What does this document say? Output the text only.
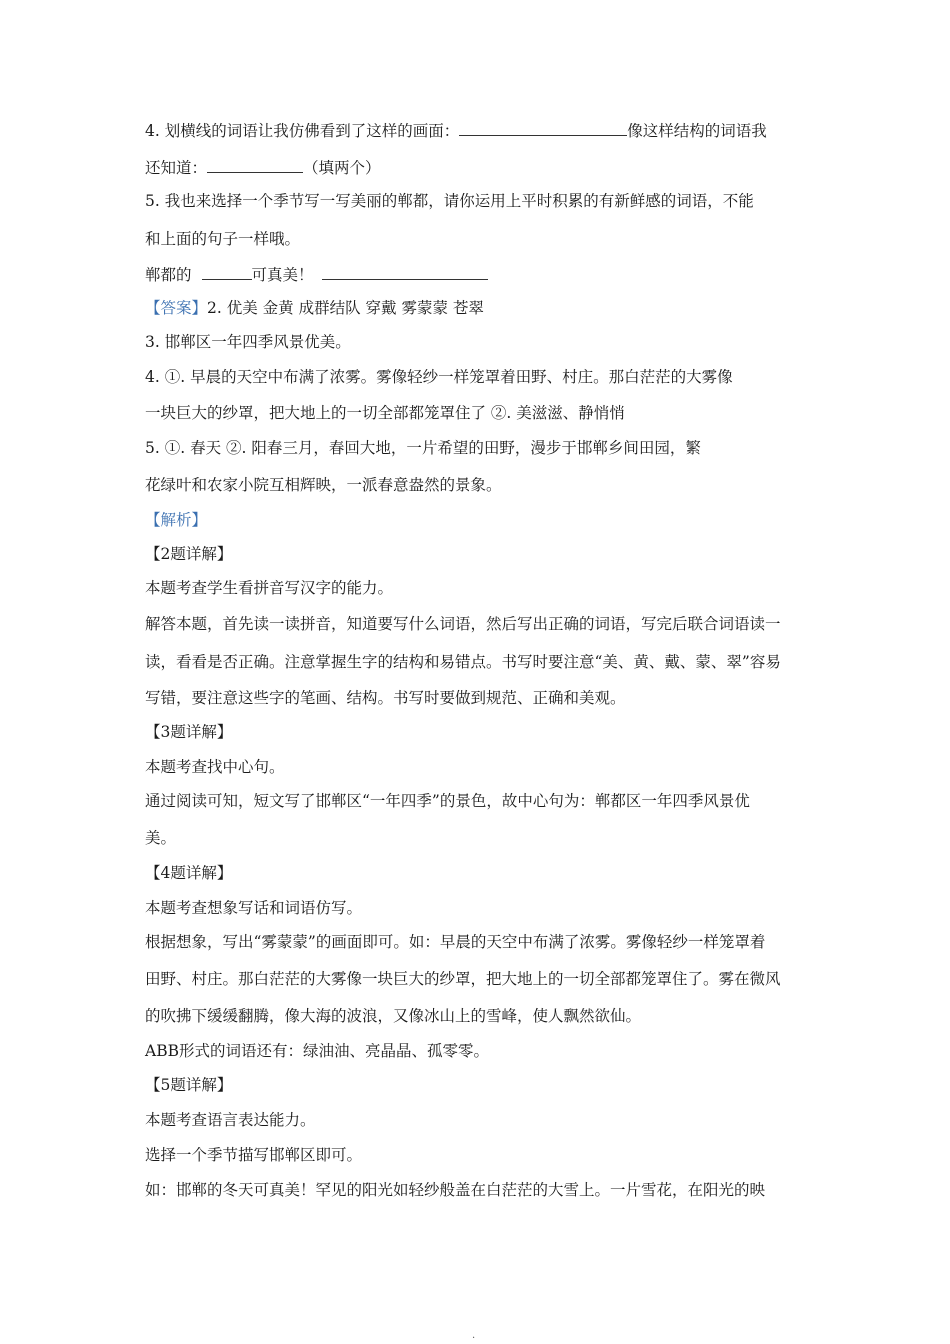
4. 划横线的词语让我仿佛看到了这样的画面：	像这样结构的词语我
还知道：	（填两个）
5. 我也来选择一个季节写一写美丽的郸都，请你运用上平时积累的有新鲜感的词语，不能
和上面的句子一样哦。
郸都的	可真美！
【答案】2. 优美 金黄 成群结队 穿戴 雾蒙蒙 苍翠
3. 邯郸区一年四季风景优美。
4. ①. 早晨的天空中布满了浓雾。雾像轻纱一样笼罩着田野、村庄。那白茫茫的大雾像
一块巨大的纱罩，把大地上的一切全部都笼罩住了 ②. 美滋滋、静悄悄
5. ①. 春天 ②. 阳春三月，春回大地，一片希望的田野，漫步于邯郸乡间田园，繁
花绿叶和农家小院互相辉映，一派春意盎然的景象。
【解析】
【2题详解】
本题考查学生看拼音写汉字的能力。
解答本题，首先读一读拼音，知道要写什么词语，然后写出正确的词语，写完后联合词语读一
读，看看是否正确。注意掌握生字的结构和易错点。书写时要注意“美、黄、戴、蒙、翠”容易
写错，要注意这些字的笔画、结构。书写时要做到规范、正确和美观。
【3题详解】
本题考查找中心句。
通过阅读可知，短文写了邯郸区“一年四季”的景色，故中心句为：郸都区一年四季风景优
美。
【4题详解】
本题考查想象写话和词语仿写。
根据想象，写出“雾蒙蒙”的画面即可。如：早晨的天空中布满了浓雾。雾像轻纱一样笼罩着
田野、村庄。那白茫茫的大雾像一块巨大的纱罩，把大地上的一切全部都笼罩住了。雾在微风
的吹拂下缓缓翻腾，像大海的波浪，又像冰山上的雪峰，使人飘然欲仙。
ABB形式的词语还有：绿油油、亮晶晶、孤零零。
【5题详解】
本题考查语言表达能力。
选择一个季节描写邯郸区即可。
如：邯郸的冬天可真美！罕见的阳光如轻纱般盖在白茫茫的大雪上。一片雪花，在阳光的映
.
